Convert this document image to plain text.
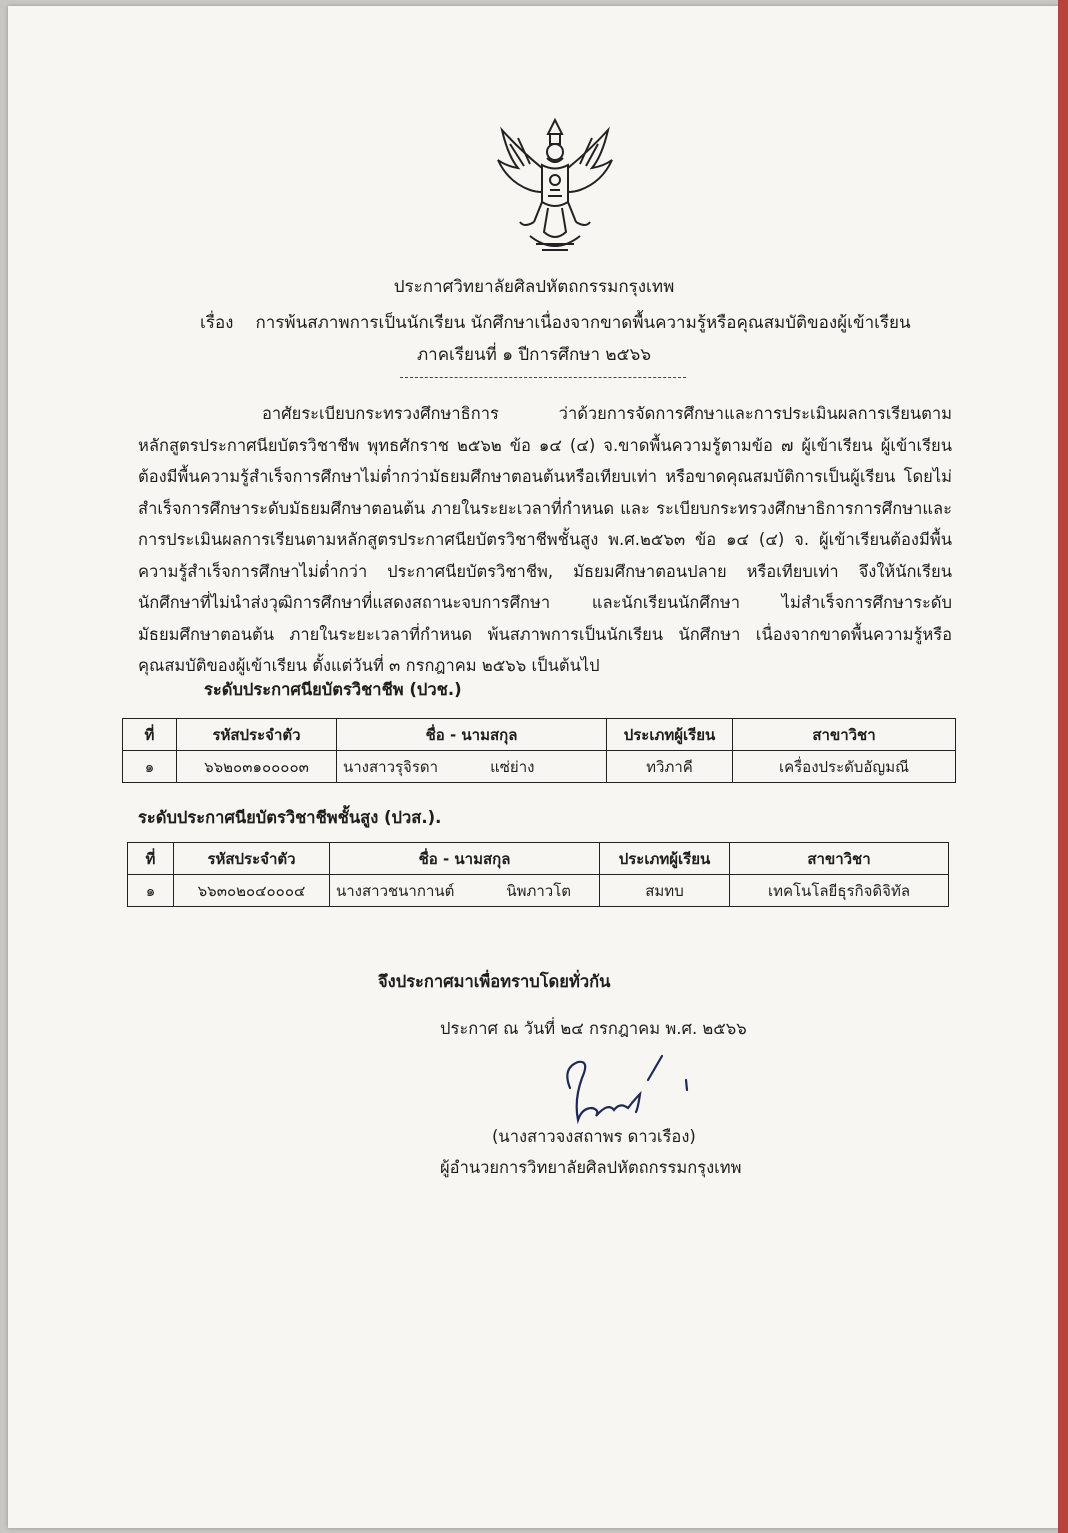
ประกาศวิทยาลัยศิลปหัตถกรรมกรุงเทพ
เรื่อง การพ้นสภาพการเป็นนักเรียน นักศึกษาเนื่องจากขาดพื้นความรู้หรือคุณสมบัติของผู้เข้าเรียน
ภาคเรียนที่ ๑ ปีการศึกษา ๒๕๖๖
อาศัยระเบียบกระทรวงศึกษาธิการ ว่าด้วยการจัดการศึกษาและการประเมินผลการเรียนตามหลักสูตรประกาศนียบัตรวิชาชีพ พุทธศักราช ๒๕๖๒ ข้อ ๑๔ (๔) จ.ขาดพื้นความรู้ตามข้อ ๗ ผู้เข้าเรียน ผู้เข้าเรียนต้องมีพื้นความรู้สำเร็จการศึกษาไม่ต่ำกว่ามัธยมศึกษาตอนต้นหรือเทียบเท่า หรือขาดคุณสมบัติการเป็นผู้เรียน โดยไม่สำเร็จการศึกษาระดับมัธยมศึกษาตอนต้น ภายในระยะเวลาที่กำหนด และ ระเบียบกระทรวงศึกษาธิการการศึกษาและการประเมินผลการเรียนตามหลักสูตรประกาศนียบัตรวิชาชีพชั้นสูง พ.ศ.๒๕๖๓ ข้อ ๑๔ (๔) จ. ผู้เข้าเรียนต้องมีพื้นความรู้สำเร็จการศึกษาไม่ต่ำกว่า ประกาศนียบัตรวิชาชีพ, มัธยมศึกษาตอนปลาย หรือเทียบเท่า จึงให้นักเรียนนักศึกษาที่ไม่นำส่งวุฒิการศึกษาที่แสดงสถานะจบการศึกษา และนักเรียนนักศึกษา ไม่สำเร็จการศึกษาระดับมัธยมศึกษาตอนต้น ภายในระยะเวลาที่กำหนด พ้นสภาพการเป็นนักเรียน นักศึกษา เนื่องจากขาดพื้นความรู้หรือคุณสมบัติของผู้เข้าเรียน ตั้งแต่วันที่ ๓ กรกฎาคม ๒๕๖๖ เป็นต้นไป
ระดับประกาศนียบัตรวิชาชีพ (ปวช.)
ที่	รหัสประจำตัว	ชื่อ - นามสกุล	ประเภทผู้เรียน	สาขาวิชา
๑	๖๖๒๐๓๑๐๐๐๐๓	นางสาวรุจิรดา แซ่ย่าง	ทวิภาคี	เครื่องประดับอัญมณี
ระดับประกาศนียบัตรวิชาชีพชั้นสูง (ปวส.).
ที่	รหัสประจำตัว	ชื่อ - นามสกุล	ประเภทผู้เรียน	สาขาวิชา
๑	๖๖๓๐๒๐๔๐๐๐๔	นางสาวชนากานต์ นิพภาวโต	สมทบ	เทคโนโลยีธุรกิจดิจิทัล
จึงประกาศมาเพื่อทราบโดยทั่วกัน
ประกาศ ณ วันที่ ๒๔ กรกฎาคม พ.ศ. ๒๕๖๖
(นางสาวจงสถาพร ดาวเรือง)
ผู้อำนวยการวิทยาลัยศิลปหัตถกรรมกรุงเทพ
